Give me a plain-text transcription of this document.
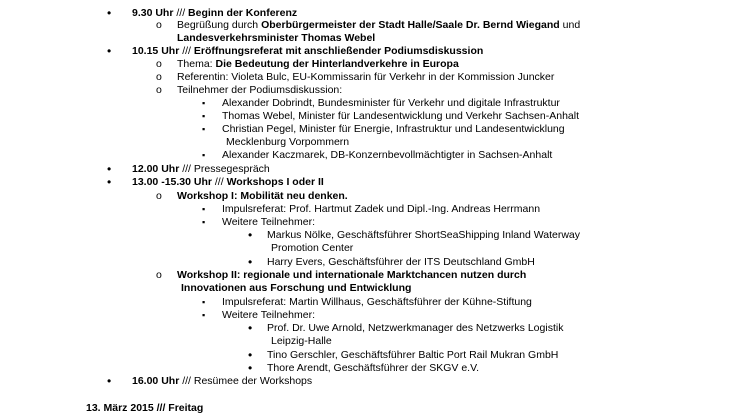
• 9.30 Uhr /// Beginn der Konferenz
o Begrüßung durch Oberbürgermeister der Stadt Halle/Saale Dr. Bernd Wiegand und
Landesverkehrsminister Thomas Webel
• 10.15 Uhr /// Eröffnungsreferat mit anschließender Podiumsdiskussion
o Thema: Die Bedeutung der Hinterlandverkehre in Europa
o Referentin: Violeta Bulc, EU-Kommissarin für Verkehr in der Kommission Juncker
o Teilnehmer der Podiumsdiskussion:
▪ Alexander Dobrindt, Bundesminister für Verkehr und digitale Infrastruktur
▪ Thomas Webel, Minister für Landesentwicklung und Verkehr Sachsen-Anhalt
▪ Christian Pegel, Minister für Energie, Infrastruktur und Landesentwicklung
Mecklenburg Vorpommern
▪ Alexander Kaczmarek, DB-Konzernbevollmächtigter in Sachsen-Anhalt
• 12.00 Uhr /// Pressegespräch
• 13.00 -15.30 Uhr /// Workshops I oder II
o Workshop I: Mobilität neu denken.
▪ Impulsreferat: Prof. Hartmut Zadek und Dipl.-Ing. Andreas Herrmann
▪ Weitere Teilnehmer:
• Markus Nölke, Geschäftsführer ShortSeaShipping Inland Waterway
Promotion Center
• Harry Evers, Geschäftsführer der ITS Deutschland GmbH
o Workshop II: regionale und internationale Marktchancen nutzen durch
Innovationen aus Forschung und Entwicklung
▪ Impulsreferat: Martin Willhaus, Geschäftsführer der Kühne-Stiftung
▪ Weitere Teilnehmer:
• Prof. Dr. Uwe Arnold, Netzwerkmanager des Netzwerks Logistik
Leipzig-Halle
• Tino Gerschler, Geschäftsführer Baltic Port Rail Mukran GmbH
• Thore Arendt, Geschäftsführer der SKGV e.V.
• 16.00 Uhr /// Resümee der Workshops
13. März 2015 /// Freitag
